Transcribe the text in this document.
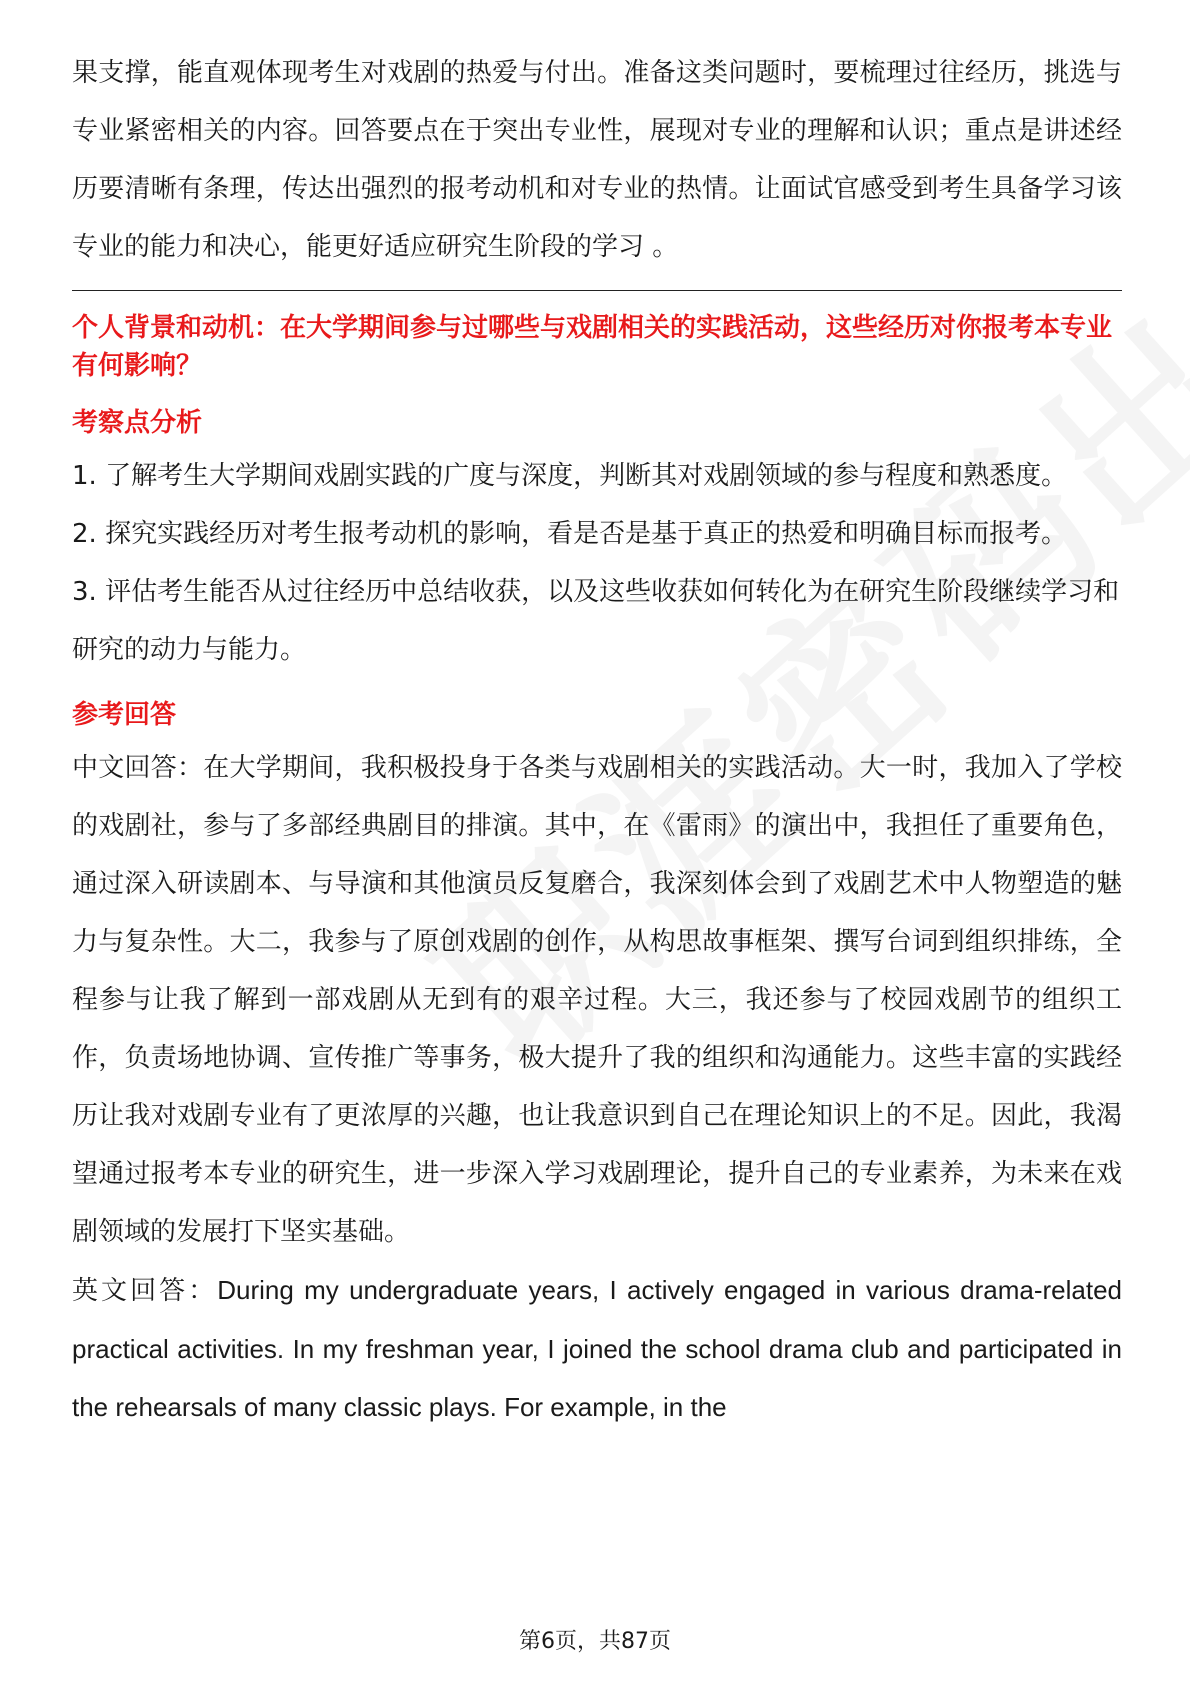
果支撑，能直观体现考生对戏剧的热爱与付出。准备这类问题时，要梳理过往经历，挑选与专业紧密相关的内容。回答要点在于突出专业性，展现对专业的理解和认识；重点是讲述经历要清晰有条理，传达出强烈的报考动机和对专业的热情。让面试官感受到考生具备学习该专业的能力和决心，能更好适应研究生阶段的学习 。

个人背景和动机：在大学期间参与过哪些与戏剧相关的实践活动，这些经历对你报考本专业有何影响？

考察点分析

1. 了解考生大学期间戏剧实践的广度与深度，判断其对戏剧领域的参与程度和熟悉度。

2. 探究实践经历对考生报考动机的影响，看是否是基于真正的热爱和明确目标而报考。

3. 评估考生能否从过往经历中总结收获，以及这些收获如何转化为在研究生阶段继续学习和研究的动力与能力。

参考回答

中文回答：在大学期间，我积极投身于各类与戏剧相关的实践活动。大一时，我加入了学校的戏剧社，参与了多部经典剧目的排演。其中，在《雷雨》的演出中，我担任了重要角色，通过深入研读剧本、与导演和其他演员反复磨合，我深刻体会到了戏剧艺术中人物塑造的魅力与复杂性。大二，我参与了原创戏剧的创作，从构思故事框架、撰写台词到组织排练，全程参与让我了解到一部戏剧从无到有的艰辛过程。大三，我还参与了校园戏剧节的组织工作，负责场地协调、宣传推广等事务，极大提升了我的组织和沟通能力。这些丰富的实践经历让我对戏剧专业有了更浓厚的兴趣，也让我意识到自己在理论知识上的不足。因此，我渴望通过报考本专业的研究生，进一步深入学习戏剧理论，提升自己的专业素养，为未来在戏剧领域的发展打下坚实基础。

英文回答：During my undergraduate years, I actively engaged in various drama-related practical activities. In my freshman year, I joined the school drama club and participated in the rehearsals of many classic plays. For example, in the

第6页，共87页
